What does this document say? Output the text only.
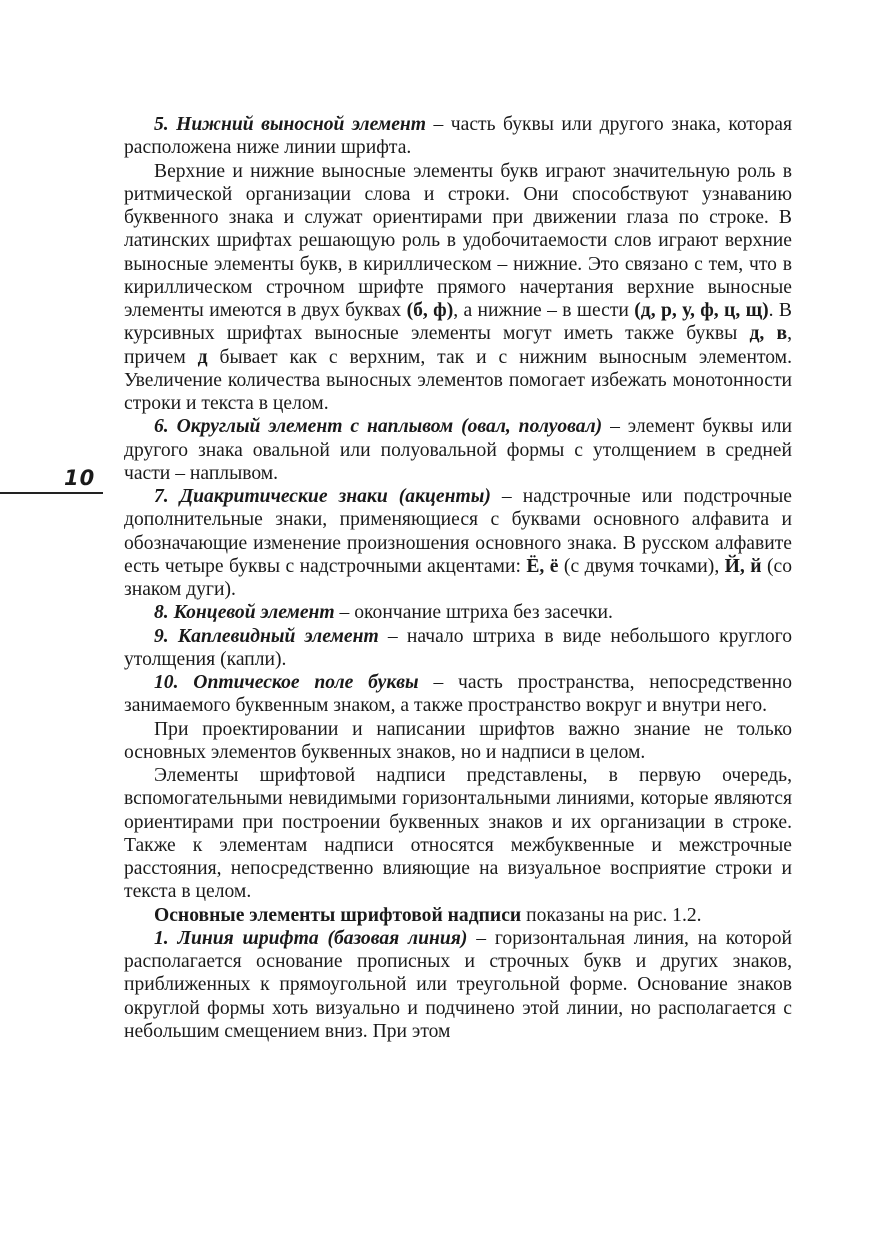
10

5. Нижний выносной элемент – часть буквы или другого знака, которая расположена ниже линии шрифта.

Верхние и нижние выносные элементы букв играют значительную роль в ритмической организации слова и строки. Они способствуют узнаванию буквенного знака и служат ориентирами при движении глаза по строке. В латинских шрифтах решающую роль в удобочитаемости слов играют верхние выносные элементы букв, в кириллическом – нижние. Это связано с тем, что в кириллическом строчном шрифте прямого начертания верхние выносные элементы имеются в двух буквах (б, ф), а нижние – в шести (д, р, у, ф, ц, щ). В курсивных шрифтах выносные элементы могут иметь также буквы д, в, причем д бывает как с верхним, так и с нижним выносным элементом. Увеличение количества выносных элементов помогает избежать монотонности строки и текста в целом.

6. Округлый элемент с наплывом (овал, полуовал) – элемент буквы или другого знака овальной или полуовальной формы с утолщением в средней части – наплывом.

7. Диакритические знаки (акценты) – надстрочные или подстрочные дополнительные знаки, применяющиеся с буквами основного алфавита и обозначающие изменение произношения основного знака. В русском алфавите есть четыре буквы с надстрочными акцентами: Ё, ё (с двумя точками), Й, й (со знаком дуги).

8. Концевой элемент – окончание штриха без засечки.

9. Каплевидный элемент – начало штриха в виде небольшого круглого утолщения (капли).

10. Оптическое поле буквы – часть пространства, непосредственно занимаемого буквенным знаком, а также пространство вокруг и внутри него.

При проектировании и написании шрифтов важно знание не только основных элементов буквенных знаков, но и надписи в целом.

Элементы шрифтовой надписи представлены, в первую очередь, вспомогательными невидимыми горизонтальными линиями, которые являются ориентирами при построении буквенных знаков и их организации в строке. Также к элементам надписи относятся межбуквенные и межстрочные расстояния, непосредственно влияющие на визуальное восприятие строки и текста в целом.

Основные элементы шрифтовой надписи показаны на рис. 1.2.

1. Линия шрифта (базовая линия) – горизонтальная линия, на которой располагается основание прописных и строчных букв и других знаков, приближенных к прямоугольной или треугольной форме. Основание знаков округлой формы хоть визуально и подчинено этой линии, но располагается с небольшим смещением вниз. При этом
